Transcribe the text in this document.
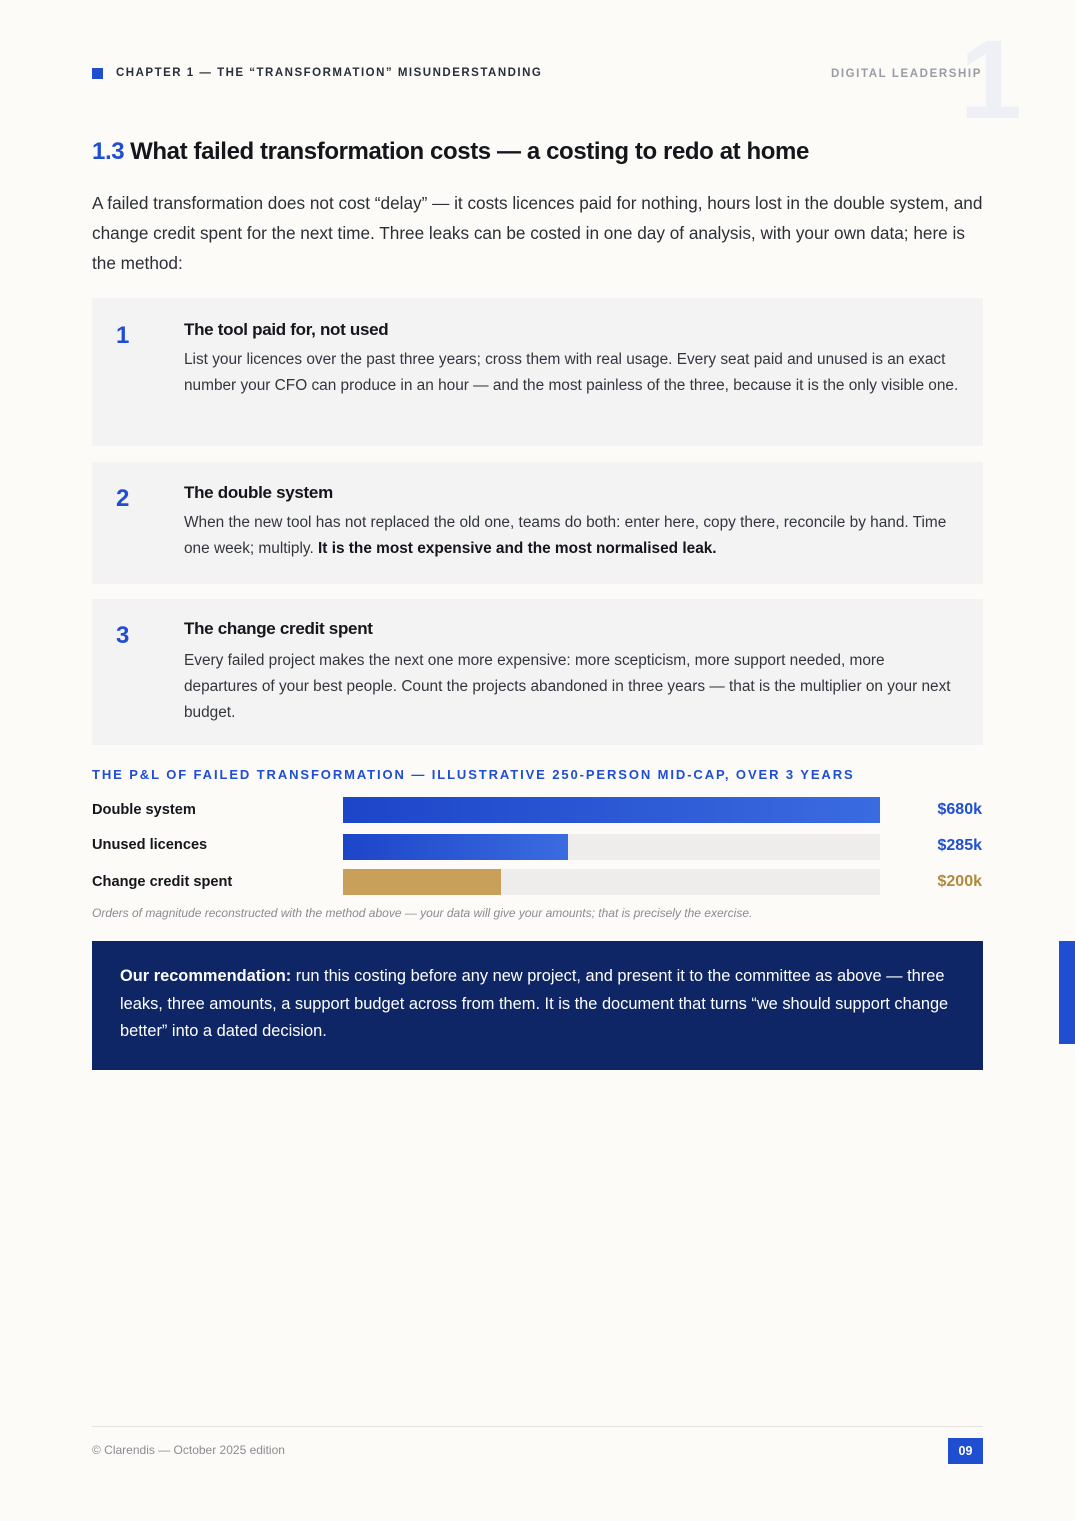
CHAPTER 1 — THE “TRANSFORMATION” MISUNDERSTANDING	DIGITAL LEADERSHIP
1
1.3 What failed transformation costs — a costing to redo at home
A failed transformation does not cost “delay” — it costs licences paid for nothing, hours lost in the double system, and change credit spent for the next time. Three leaks can be costed in one day of analysis, with your own data; here is the method:
1	The tool paid for, not used
List your licences over the past three years; cross them with real usage. Every seat paid and unused is an exact number your CFO can produce in an hour — and the most painless of the three, because it is the only visible one.
2	The double system
When the new tool has not replaced the old one, teams do both: enter here, copy there, reconcile by hand. Time one week; multiply. It is the most expensive and the most normalised leak.
3	The change credit spent
Every failed project makes the next one more expensive: more scepticism, more support needed, more departures of your best people. Count the projects abandoned in three years — that is the multiplier on your next budget.
THE P&L OF FAILED TRANSFORMATION — ILLUSTRATIVE 250-PERSON MID-CAP, OVER 3 YEARS
Double system	$680k
Unused licences	$285k
Change credit spent	$200k
Orders of magnitude reconstructed with the method above — your data will give your amounts; that is precisely the exercise.
Our recommendation: run this costing before any new project, and present it to the committee as above — three leaks, three amounts, a support budget across from them. It is the document that turns “we should support change better” into a dated decision.
© Clarendis — October 2025 edition	09
